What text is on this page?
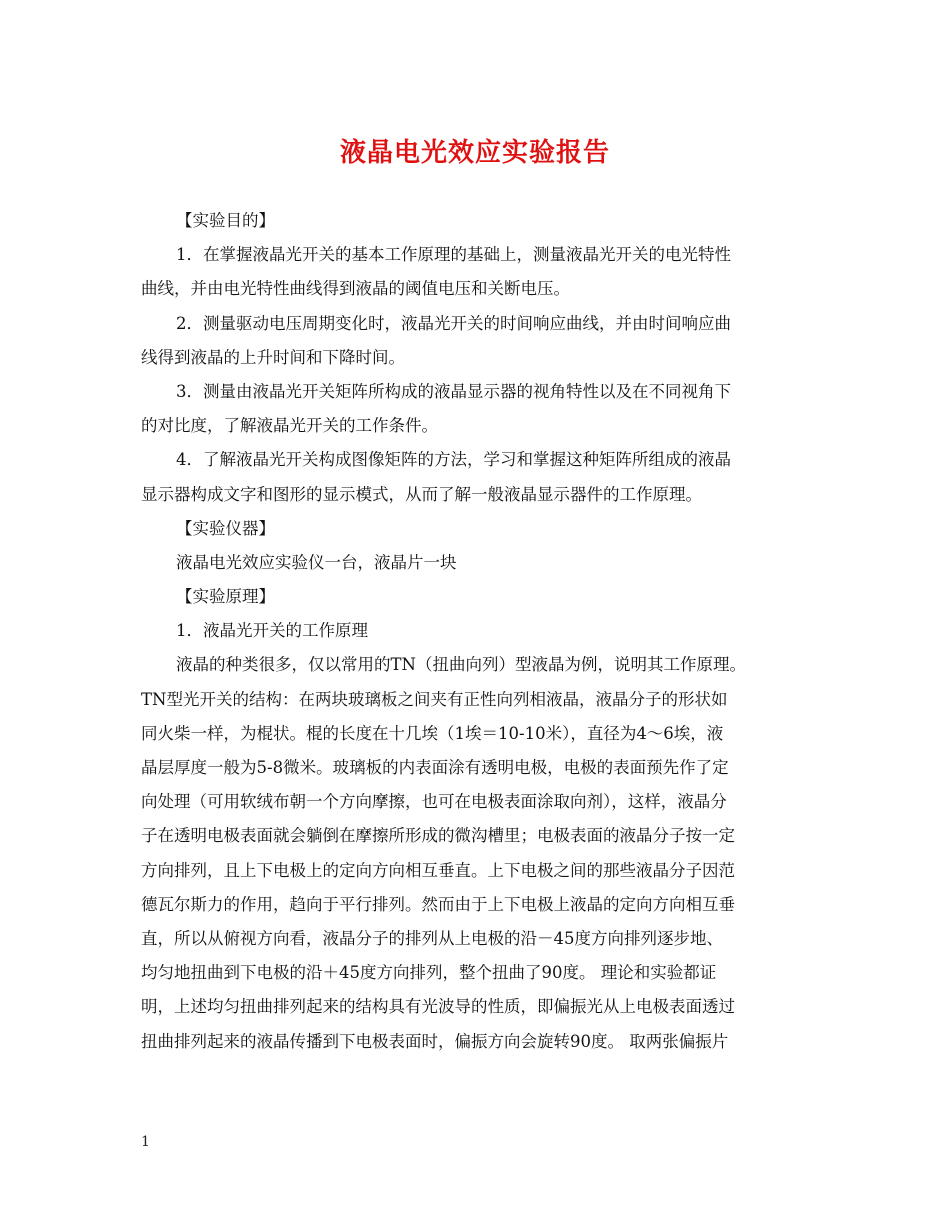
液晶电光效应实验报告
【实验目的】
1．在掌握液晶光开关的基本工作原理的基础上，测量液晶光开关的电光特性
曲线，并由电光特性曲线得到液晶的阈值电压和关断电压。
2．测量驱动电压周期变化时，液晶光开关的时间响应曲线，并由时间响应曲
线得到液晶的上升时间和下降时间。
3．测量由液晶光开关矩阵所构成的液晶显示器的视角特性以及在不同视角下
的对比度，了解液晶光开关的工作条件。
4．了解液晶光开关构成图像矩阵的方法，学习和掌握这种矩阵所组成的液晶
显示器构成文字和图形的显示模式，从而了解一般液晶显示器件的工作原理。
【实验仪器】
液晶电光效应实验仪一台，液晶片一块
【实验原理】
1．液晶光开关的工作原理
液晶的种类很多，仅以常用的TN（扭曲向列）型液晶为例，说明其工作原理。
TN型光开关的结构：在两块玻璃板之间夹有正性向列相液晶，液晶分子的形状如
同火柴一样，为棍状。棍的长度在十几埃（1埃＝10-10米），直径为4～6埃，液
晶层厚度一般为5-8微米。玻璃板的内表面涂有透明电极，电极的表面预先作了定
向处理（可用软绒布朝一个方向摩擦，也可在电极表面涂取向剂），这样，液晶分
子在透明电极表面就会躺倒在摩擦所形成的微沟槽里；电极表面的液晶分子按一定
方向排列，且上下电极上的定向方向相互垂直。上下电极之间的那些液晶分子因范
德瓦尔斯力的作用，趋向于平行排列。然而由于上下电极上液晶的定向方向相互垂
直，所以从俯视方向看，液晶分子的排列从上电极的沿－45度方向排列逐步地、
均匀地扭曲到下电极的沿＋45度方向排列，整个扭曲了90度。 理论和实验都证
明，上述均匀扭曲排列起来的结构具有光波导的性质，即偏振光从上电极表面透过
扭曲排列起来的液晶传播到下电极表面时，偏振方向会旋转90度。 取两张偏振片
1
